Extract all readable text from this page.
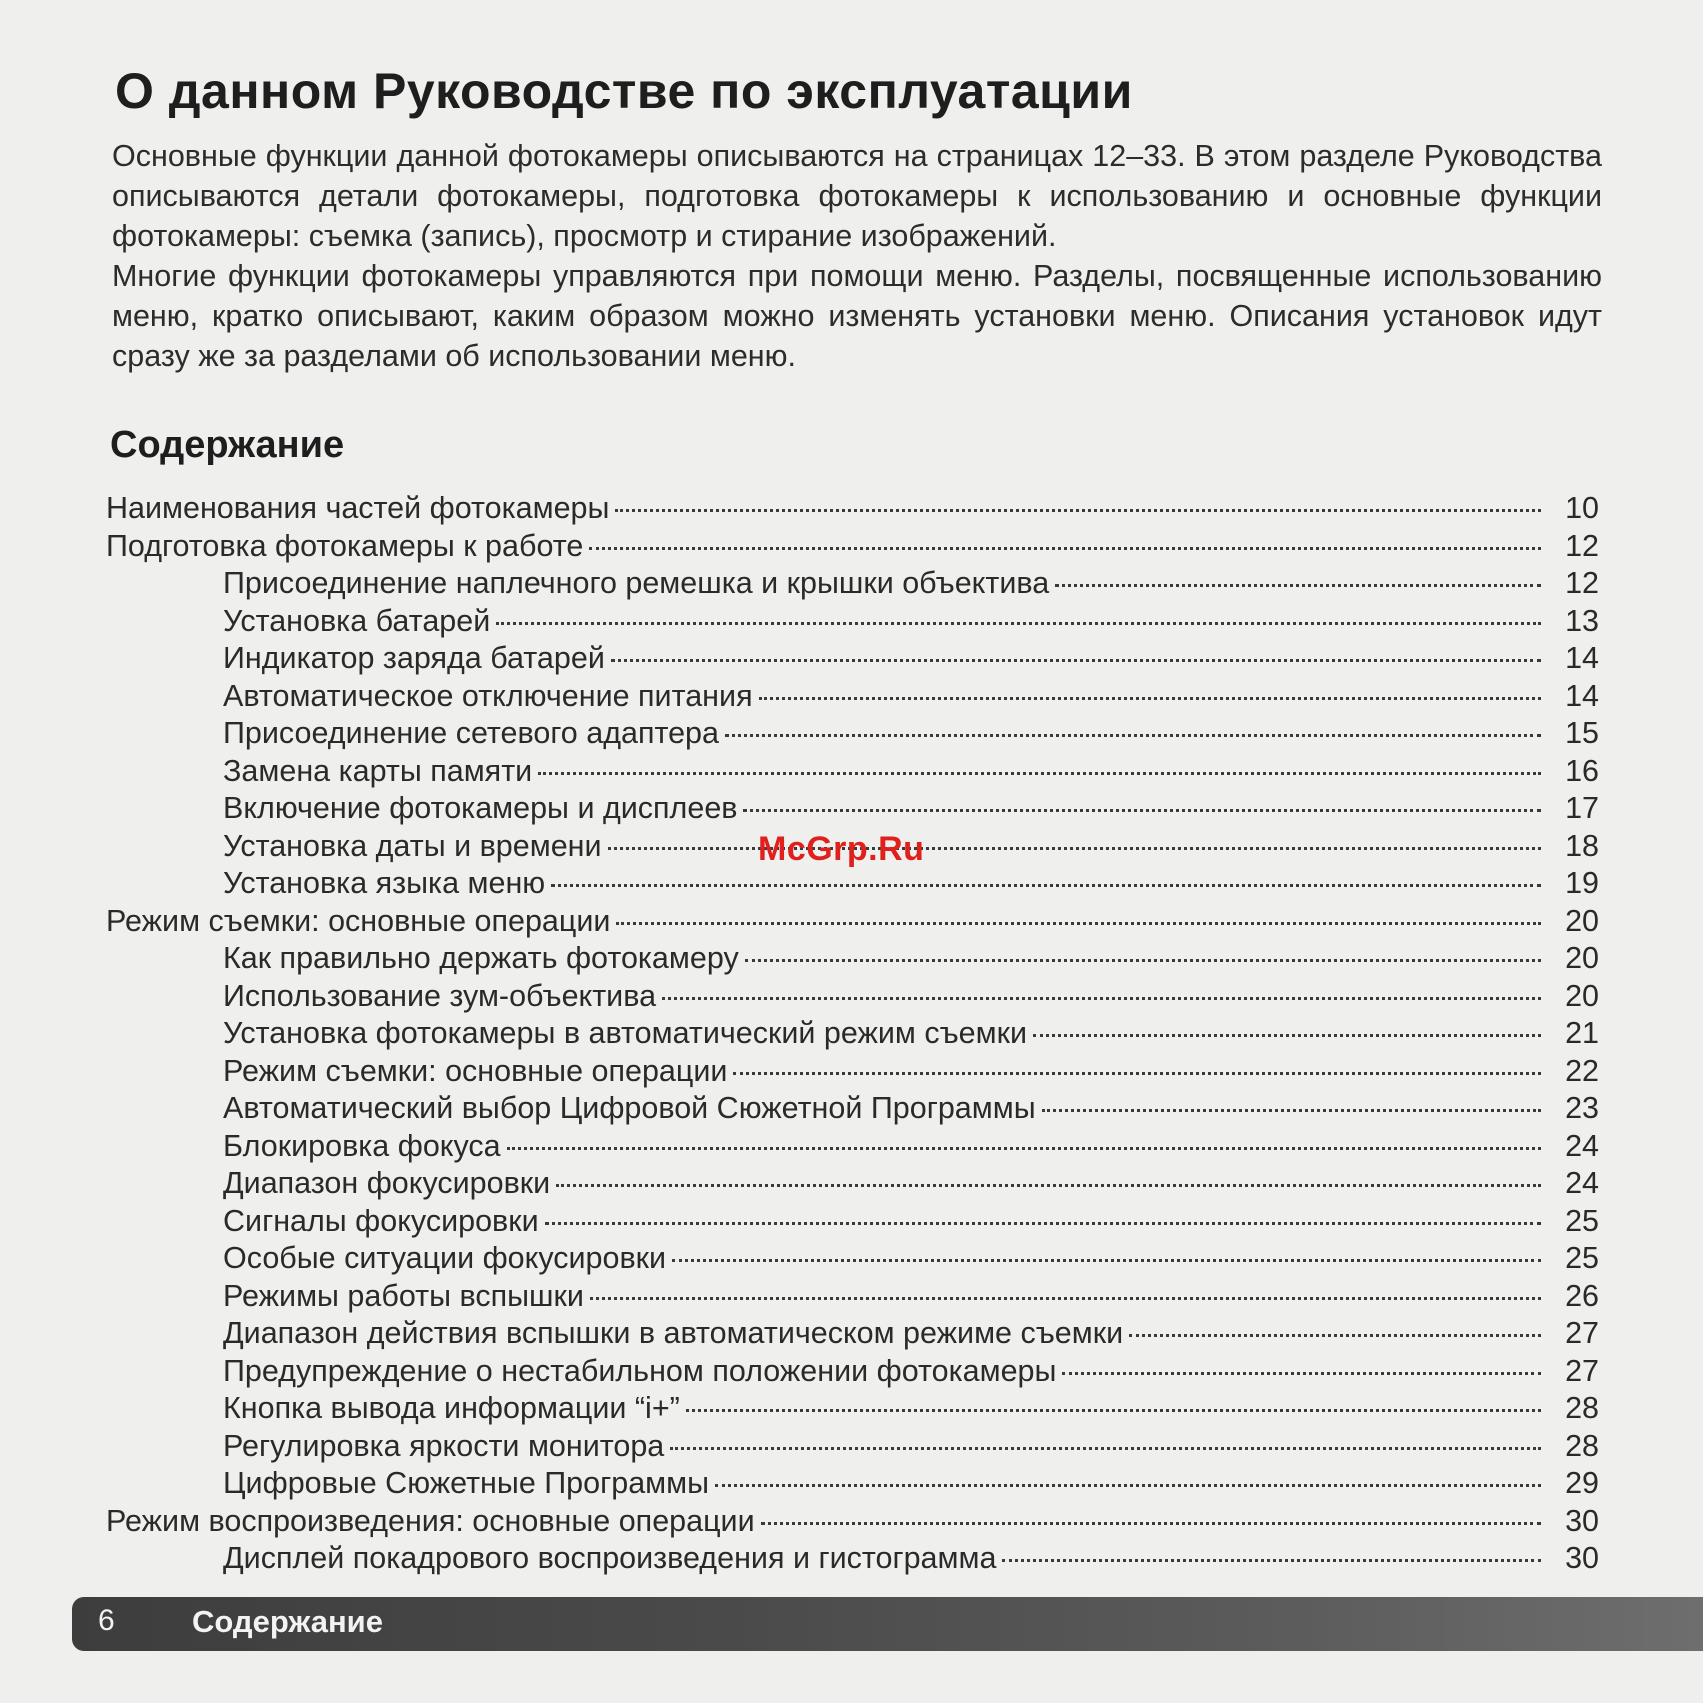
О данном Руководстве по эксплуатации

Основные функции данной фотокамеры описываются на страницах 12–33. В этом разделе Руководства описываются детали фотокамеры, подготовка фотокамеры к использованию и основные функции фотокамеры: съемка (запись), просмотр и стирание изображений.

Многие функции фотокамеры управляются при помощи меню. Разделы, посвященные использованию меню, кратко описывают, каким образом можно изменять установки меню. Описания установок идут сразу же за разделами об использовании меню.

Содержание
Наименования частей фотокамеры	10
Подготовка фотокамеры к работе	12
Присоединение наплечного ремешка и крышки объектива	12
Установка батарей	13
Индикатор заряда батарей	14
Автоматическое отключение питания	14
Присоединение сетевого адаптера	15
Замена карты памяти	16
Включение фотокамеры и дисплеев	17
Установка даты и времени	18
Установка языка меню	19
Режим съемки: основные операции	20
Как правильно держать фотокамеру	20
Использование зум-объектива	20
Установка фотокамеры в автоматический режим съемки	21
Режим съемки: основные операции	22
Автоматический выбор Цифровой Сюжетной Программы	23
Блокировка фокуса	24
Диапазон фокусировки	24
Сигналы фокусировки	25
Особые ситуации фокусировки	25
Режимы работы вспышки	26
Диапазон действия вспышки в автоматическом режиме съемки	27
Предупреждение о нестабильном положении фотокамеры	27
Кнопка вывода информации “i+”	28
Регулировка яркости монитора	28
Цифровые Сюжетные Программы	29
Режим воспроизведения: основные операции	30
Дисплей покадрового воспроизведения и гистограмма	30
McGrp.Ru
6 Содержание
